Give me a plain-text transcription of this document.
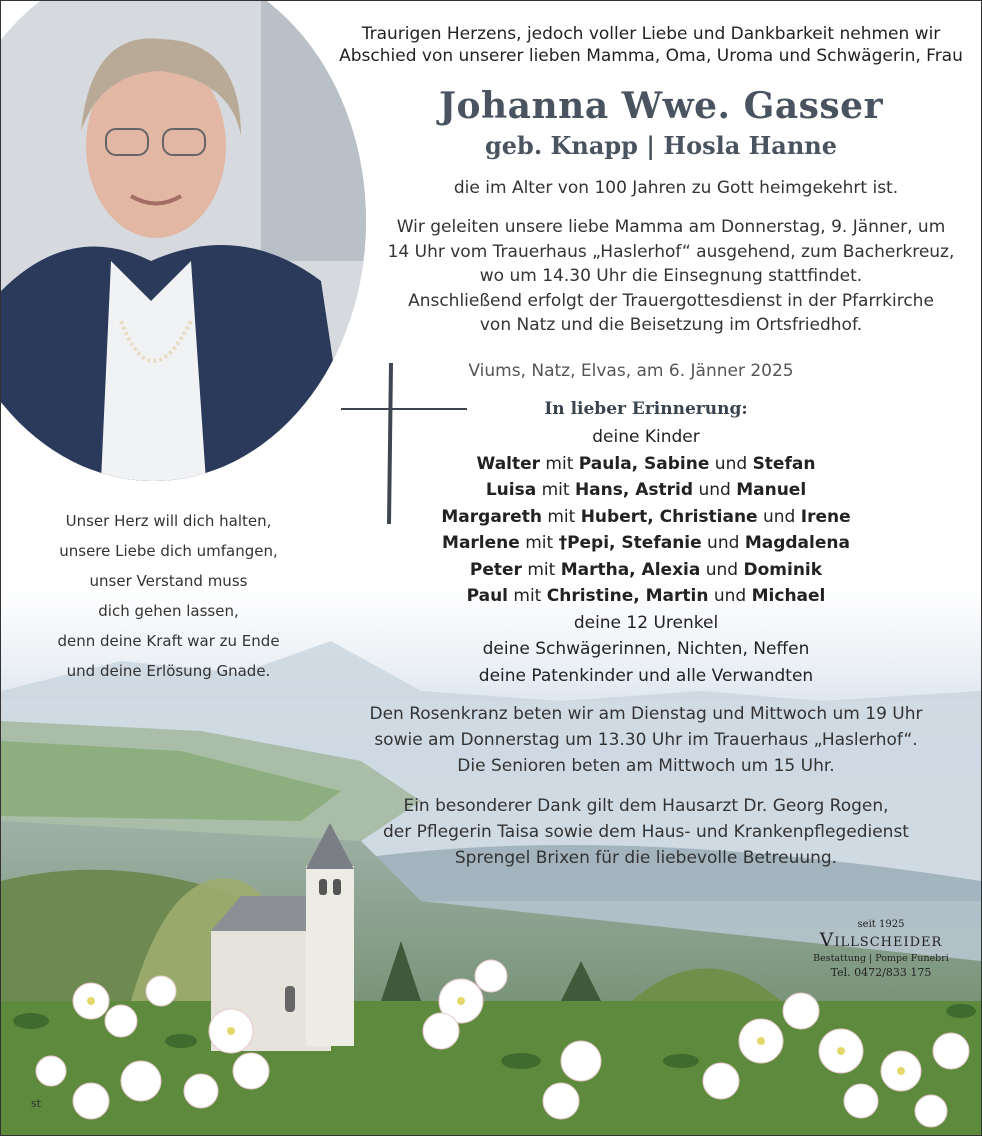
Traurigen Herzens, jedoch voller Liebe und Dankbarkeit nehmen wir
Abschied von unserer lieben Mamma, Oma, Uroma und Schwägerin, Frau
Johanna Wwe. Gasser
geb. Knapp | Hosla Hanne
die im Alter von 100 Jahren zu Gott heimgekehrt ist.
Wir geleiten unsere liebe Mamma am Donnerstag, 9. Jänner, um
14 Uhr vom Trauerhaus „Haslerhof“ ausgehend, zum Bacherkreuz,
wo um 14.30 Uhr die Einsegnung stattfindet.
Anschließend erfolgt der Trauergottesdienst in der Pfarrkirche
von Natz und die Beisetzung im Ortsfriedhof.
Viums, Natz, Elvas, am 6. Jänner 2025
In lieber Erinnerung:
deine Kinder
Walter mit Paula, Sabine und Stefan
Luisa mit Hans, Astrid und Manuel
Margareth mit Hubert, Christiane und Irene
Marlene mit †Pepi, Stefanie und Magdalena
Peter mit Martha, Alexia und Dominik
Paul mit Christine, Martin und Michael
deine 12 Urenkel
deine Schwägerinnen, Nichten, Neffen
deine Patenkinder und alle Verwandten
Unser Herz will dich halten,
unsere Liebe dich umfangen,
unser Verstand muss
dich gehen lassen,
denn deine Kraft war zu Ende
und deine Erlösung Gnade.
Den Rosenkranz beten wir am Dienstag und Mittwoch um 19 Uhr
sowie am Donnerstag um 13.30 Uhr im Trauerhaus „Haslerhof“.
Die Senioren beten am Mittwoch um 15 Uhr.
Ein besonderer Dank gilt dem Hausarzt Dr. Georg Rogen,
der Pflegerin Taisa sowie dem Haus- und Krankenpflegedienst
Sprengel Brixen für die liebevolle Betreuung.
seit 1925
Villscheider
Bestattung | Pompe Funebri
Tel. 0472/833 175
st
